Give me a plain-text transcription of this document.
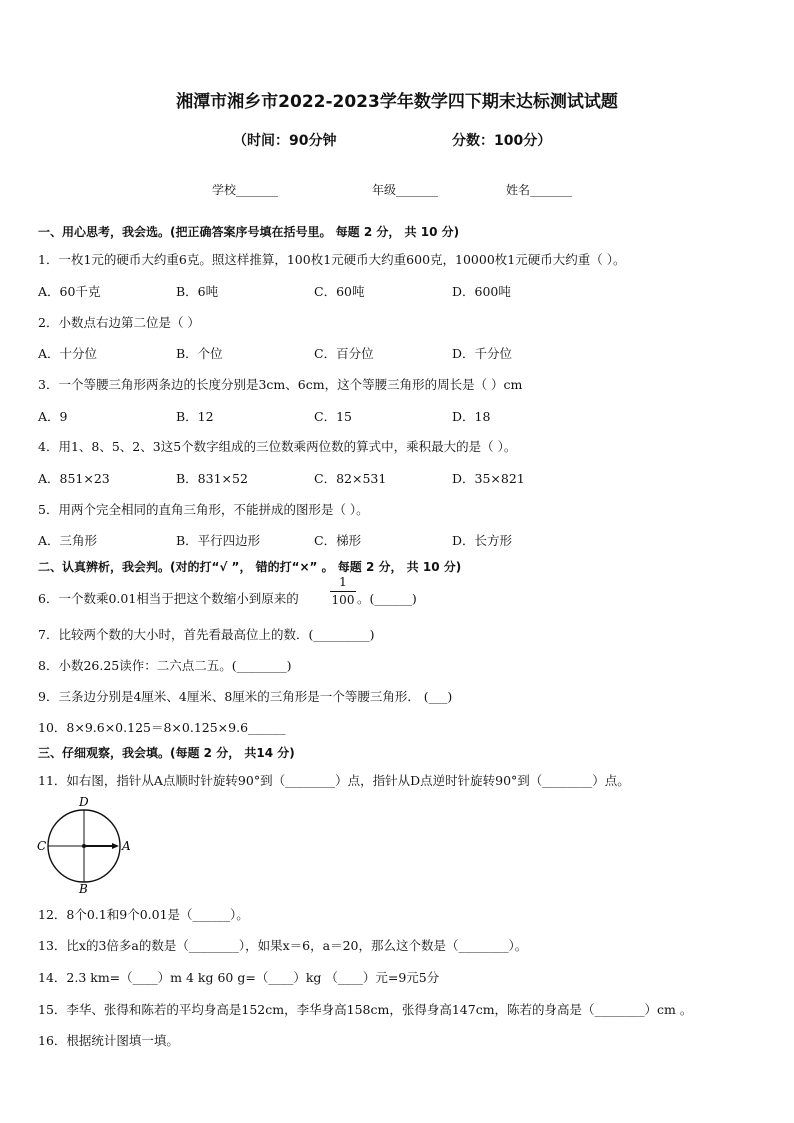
湘潭市湘乡市2022-2023学年数学四下期末达标测试试题
（时间：90分钟	分数：100分）
学校_______	年级_______	姓名_______
一、用心思考，我会选。(把正确答案序号填在括号里。 每题 2 分， 共 10 分)
1．一枚1元的硬币大约重6克。照这样推算，100枚1元硬币大约重600克，10000枚1元硬币大约重（ ）。
A．60千克	B．6吨	C．60吨	D．600吨
2．小数点右边第二位是（ ）
A．十分位	B．个位	C．百分位	D．千分位
3．一个等腰三角形两条边的长度分别是3cm、6cm，这个等腰三角形的周长是（ ）cm
A．9	B．12	C．15	D．18
4．用1、8、5、2、3这5个数字组成的三位数乘两位数的算式中，乘积最大的是（ ）。
A．851×23	B．831×52	C．82×531	D．35×821
5．用两个完全相同的直角三角形，不能拼成的图形是（ ）。
A．三角形	B．平行四边形	C．梯形	D．长方形
二、认真辨析，我会判。(对的打“√ ”， 错的打“×” 。 每题 2 分， 共 10 分)
6．一个数乘0.01相当于把这个数缩小到原来的
1
100 。(______)
7．比较两个数的大小时，首先看最高位上的数．(_________)
8．小数26.25读作：二六点二五。(________)
9．三条边分别是4厘米、4厘米、8厘米的三角形是一个等腰三角形． (___)
10．8×9.6×0.125＝8×0.125×9.6______
三、仔细观察，我会填。(每题 2 分， 共14 分)
11．如右图，指针从A点顺时针旋转90°到（________）点，指针从D点逆时针旋转90°到（________）点。
D
C	A
B
12．8个0.1和9个0.01是（______）。
13．比x的3倍多a的数是（________），如果x＝6，a＝20，那么这个数是（________）。
14．2.3 km=（____）m 4 kg 60 g=（____）kg （____）元=9元5分
15．李华、张得和陈若的平均身高是152cm，李华身高158cm，张得身高147cm，陈若的身高是（________）cm 。
16．根据统计图填一填。
